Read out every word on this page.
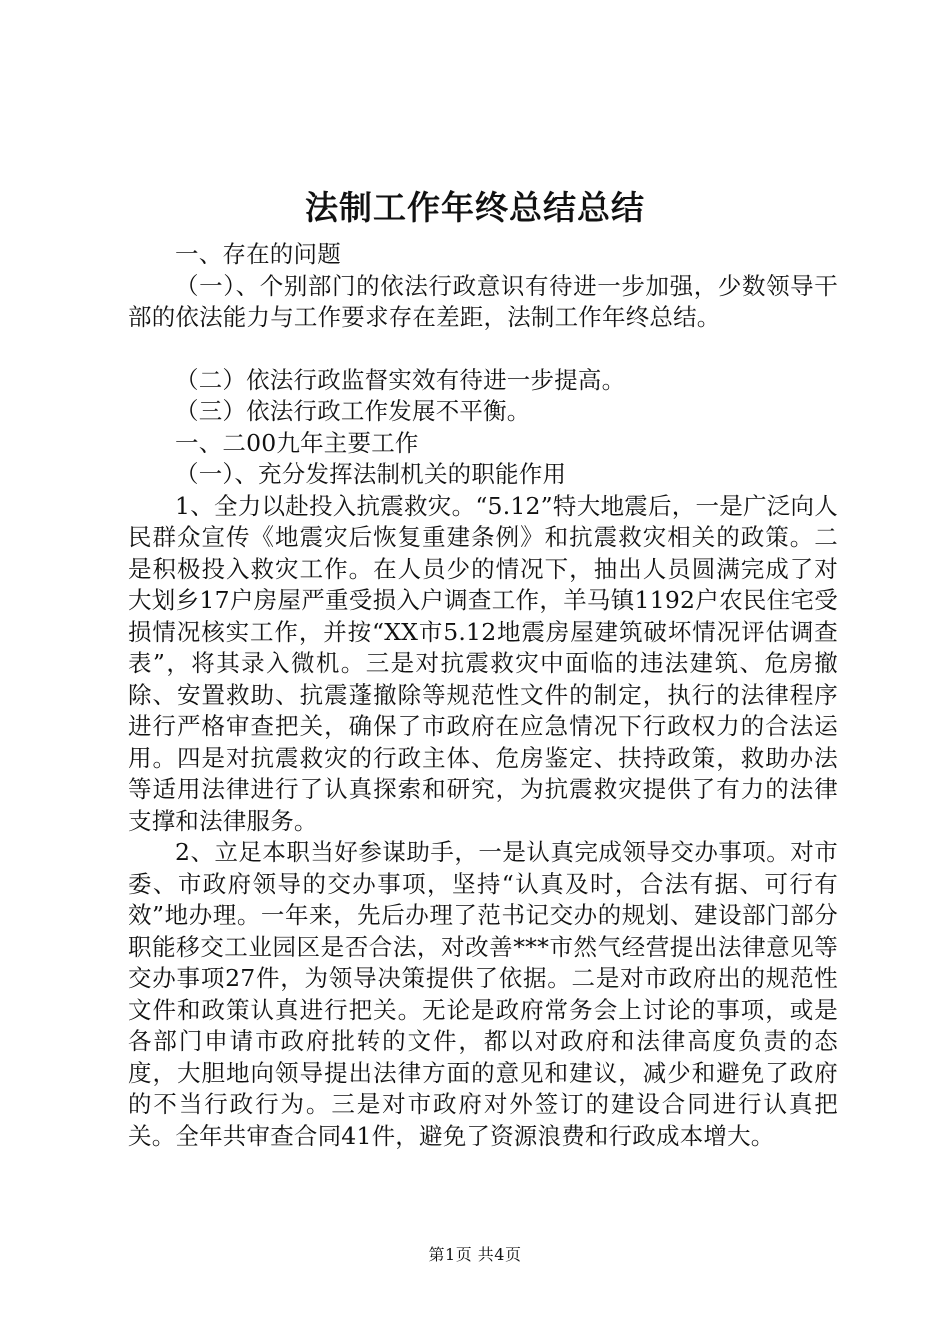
法制工作年终总结总结

一、存在的问题

（一）、个别部门的依法行政意识有待进一步加强，少数领导干部的依法能力与工作要求存在差距，法制工作年终总结。

（二）依法行政监督实效有待进一步提高。

（三）依法行政工作发展不平衡。

一、二00九年主要工作

（一）、充分发挥法制机关的职能作用

1、全力以赴投入抗震救灾。“5.12”特大地震后，一是广泛向人民群众宣传《地震灾后恢复重建条例》和抗震救灾相关的政策。二是积极投入救灾工作。在人员少的情况下，抽出人员圆满完成了对大划乡17户房屋严重受损入户调查工作，羊马镇1192户农民住宅受损情况核实工作，并按“XX市5.12地震房屋建筑破坏情况评估调查表”，将其录入微机。三是对抗震救灾中面临的违法建筑、危房撤除、安置救助、抗震蓬撤除等规范性文件的制定，执行的法律程序进行严格审查把关，确保了市政府在应急情况下行政权力的合法运用。四是对抗震救灾的行政主体、危房鉴定、扶持政策，救助办法等适用法律进行了认真探索和研究，为抗震救灾提供了有力的法律支撑和法律服务。

2、立足本职当好参谋助手，一是认真完成领导交办事项。对市委、市政府领导的交办事项，坚持“认真及时，合法有据、可行有效”地办理。一年来，先后办理了范书记交办的规划、建设部门部分职能移交工业园区是否合法，对改善***市然气经营提出法律意见等交办事项27件，为领导决策提供了依据。二是对市政府出的规范性文件和政策认真进行把关。无论是政府常务会上讨论的事项，或是各部门申请市政府批转的文件，都以对政府和法律高度负责的态度，大胆地向领导提出法律方面的意见和建议，减少和避免了政府的不当行政行为。三是对市政府对外签订的建设合同进行认真把关。全年共审查合同41件，避免了资源浪费和行政成本增大。

第1页 共4页
